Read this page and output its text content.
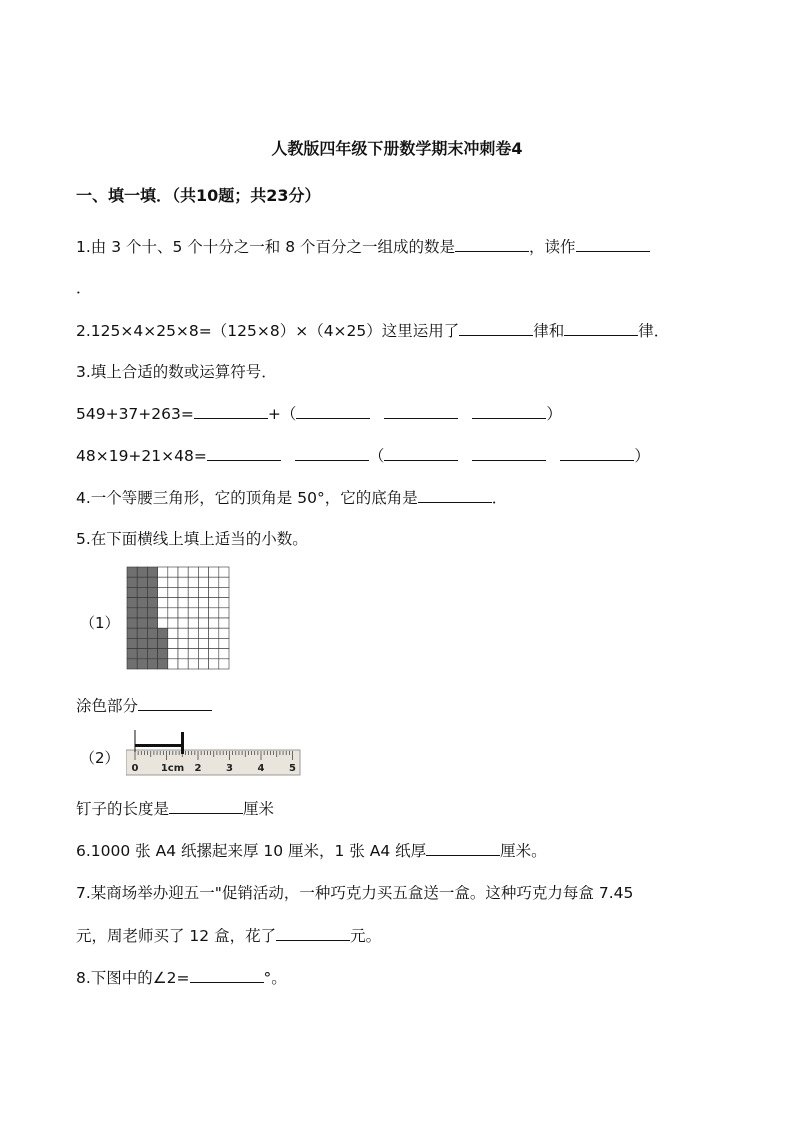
人教版四年级下册数学期末冲刺卷4
一、填一填．（共10题；共23分）
1.由 3 个十、5 个十分之一和 8 个百分之一组成的数是	，读作
．
2.125×4×25×8=（125×8）×（4×25）这里运用了	律和	律．
3.填上合适的数或运算符号．
549+37+263=	+（	）
48×19+21×48=	（	）
4.一个等腰三角形，它的顶角是 50°，它的底角是	．
5.在下面横线上填上适当的小数。
（1）
涂色部分
（2）
0 1cm 2 3 4 5
钉子的长度是	厘米
6.1000 张 A4 纸摞起来厚 10 厘米，1 张 A4 纸厚	厘米。
7.某商场举办迎五一"促销活动，一种巧克力买五盒送一盒。这种巧克力每盒 7.45
元，周老师买了 12 盒，花了	元。
8.下图中的∠2=	°。
